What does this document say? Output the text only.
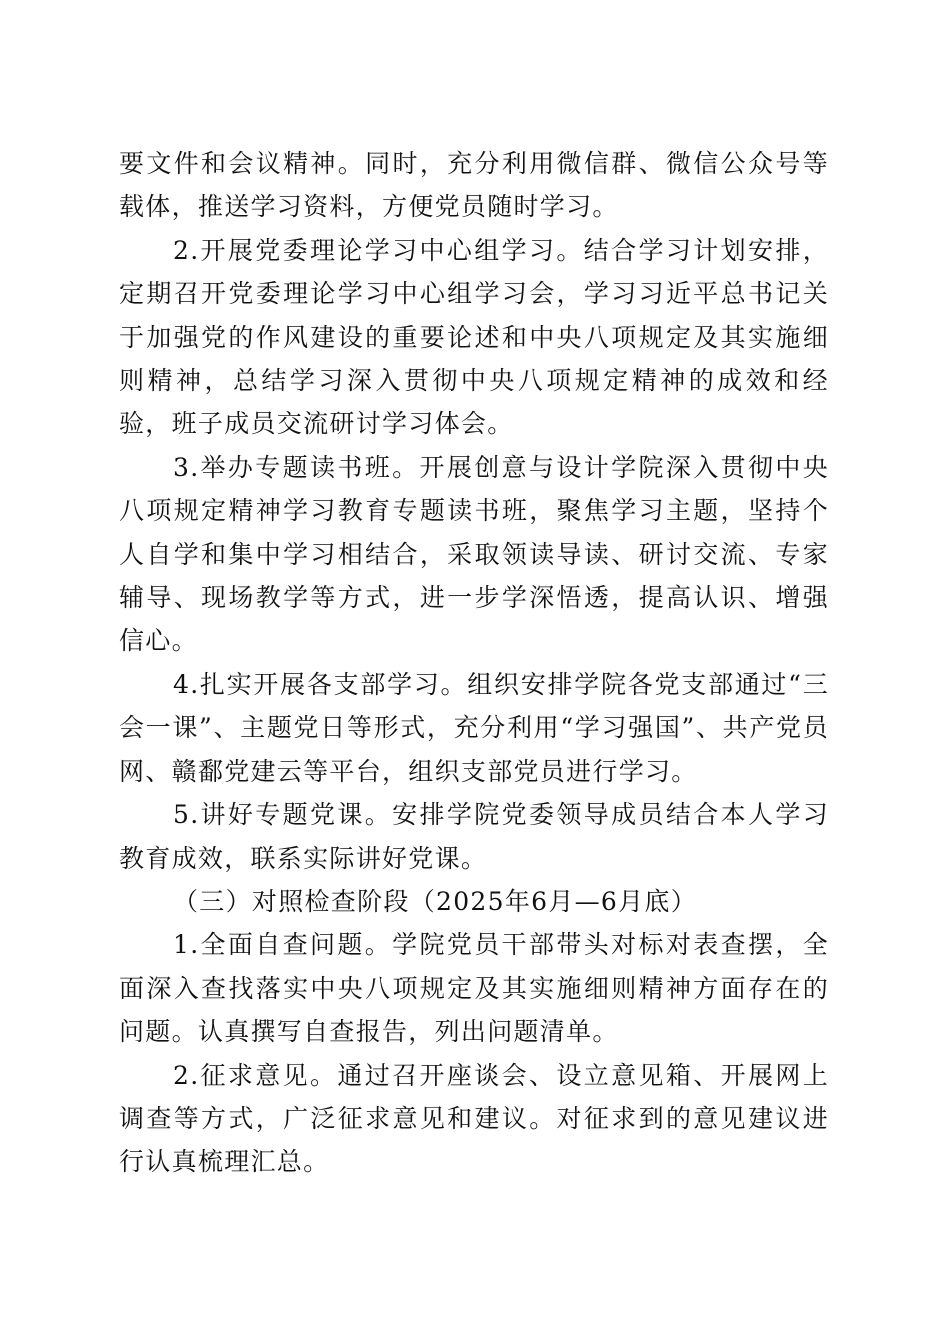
要文件和会议精神。同时，充分利用微信群、微信公众号等载体，推送学习资料，方便党员随时学习。

2.开展党委理论学习中心组学习。结合学习计划安排，定期召开党委理论学习中心组学习会，学习习近平总书记关于加强党的作风建设的重要论述和中央八项规定及其实施细则精神，总结学习深入贯彻中央八项规定精神的成效和经验，班子成员交流研讨学习体会。

3.举办专题读书班。开展创意与设计学院深入贯彻中央八项规定精神学习教育专题读书班，聚焦学习主题，坚持个人自学和集中学习相结合，采取领读导读、研讨交流、专家辅导、现场教学等方式，进一步学深悟透，提高认识、增强信心。

4.扎实开展各支部学习。组织安排学院各党支部通过“三会一课”、主题党日等形式，充分利用“学习强国”、共产党员网、赣鄱党建云等平台，组织支部党员进行学习。

5.讲好专题党课。安排学院党委领导成员结合本人学习教育成效，联系实际讲好党课。

（三）对照检查阶段（2025年6月—6月底）

1.全面自查问题。学院党员干部带头对标对表查摆，全面深入查找落实中央八项规定及其实施细则精神方面存在的问题。认真撰写自查报告，列出问题清单。

2.征求意见。通过召开座谈会、设立意见箱、开展网上调查等方式，广泛征求意见和建议。对征求到的意见建议进行认真梳理汇总。
